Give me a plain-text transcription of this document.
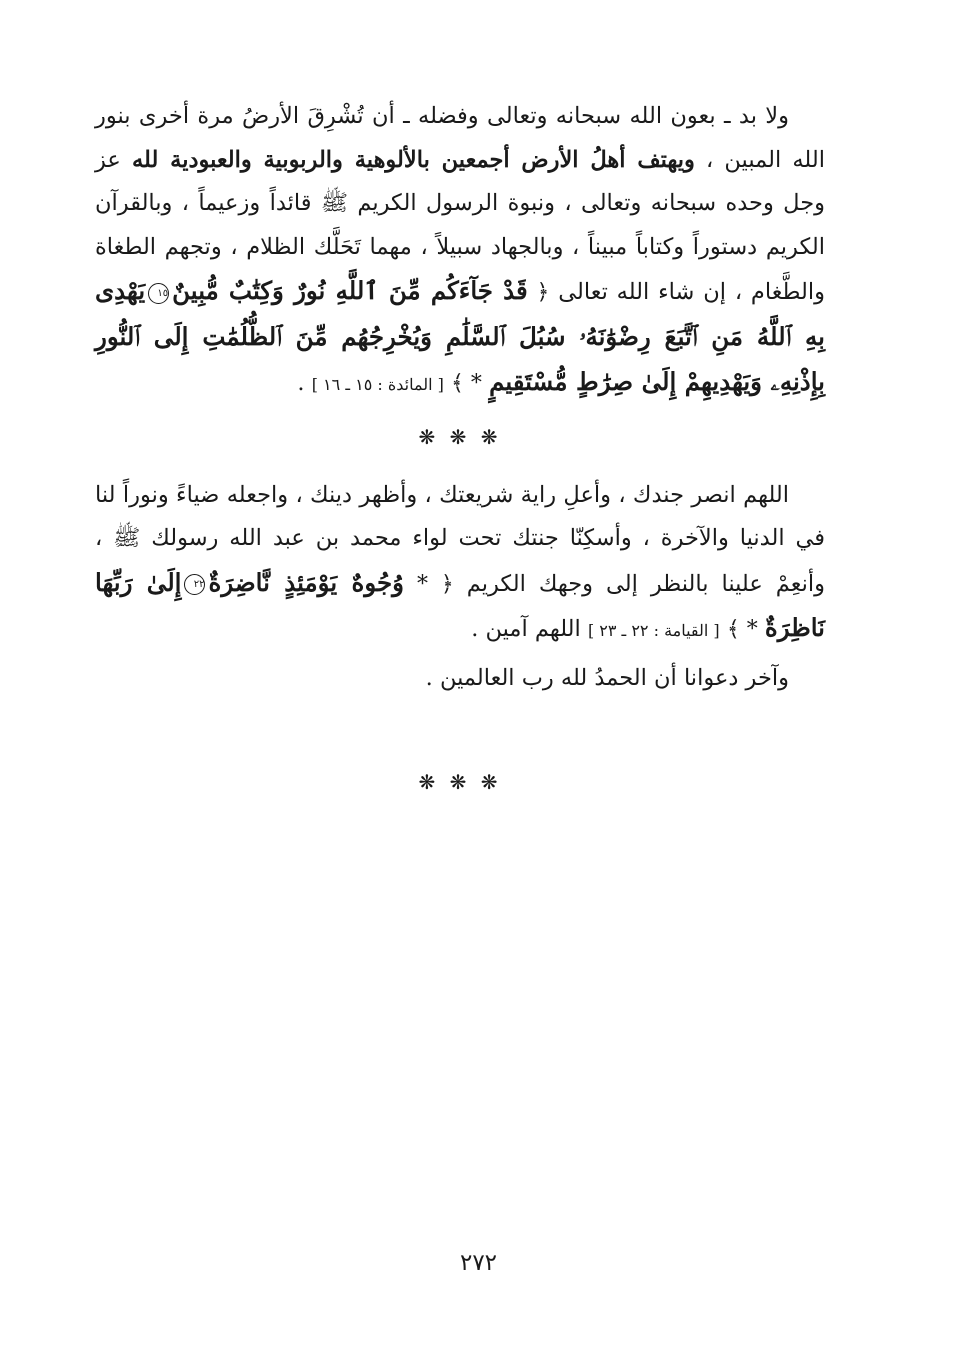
ولا بد ـ بعون الله سبحانه وتعالى وفضله ـ أن تُشْرِقَ الأرضُ مرة أخرى بنور الله المبين ، ويهتف أهلُ الأرض أجمعين بالألوهية والربوبية والعبودية لله عز وجل وحده سبحانه وتعالى ، ونبوة الرسول الكريم ﷺ قائداً وزعيماً ، وبالقرآن الكريم دستوراً وكتاباً مبيناً ، وبالجهاد سبيلاً ، مهما تَحَلَّك الظلام ، وتجهم الطغاة والطَّغام ، إن شاء الله تعالى ﴿ قَدْ جَآءَكُم مِّنَ ٱللَّهِ نُورٌ وَكِتَٰبٌ مُّبِينٌ١٥يَهْدِى بِهِ ٱللَّهُ مَنِ ٱتَّبَعَ رِضْوَٰنَهُۥ سُبُلَ ٱلسَّلَٰمِ وَيُخْرِجُهُم مِّنَ ٱلظُّلُمَٰتِ إِلَى ٱلنُّورِ بِإِذْنِهِۦ وَيَهْدِيهِمْ إِلَىٰ صِرَٰطٍ مُّسْتَقِيمٍ * ﴾ [ المائدة : ١٥ ـ ١٦ ] .

❋ ❋ ❋

اللهم انصر جندك ، وأعلِ راية شريعتك ، وأظهر دينك ، واجعله ضياءً ونوراً لنا في الدنيا والآخرة ، وأسكِنّا جنتك تحت لواء محمد بن عبد الله رسولك ﷺ ، وأنعِمْ علينا بالنظر إلى وجهك الكريم ﴿ * وُجُوهٌ يَوْمَئِذٍ نَّاضِرَةٌ٢٢إِلَىٰ رَبِّهَا نَاظِرَةٌ * ﴾ [ القيامة : ٢٢ ـ ٢٣ ] اللهم آمين .

وآخر دعوانا أن الحمدُ لله رب العالمين .

❋ ❋ ❋

٢٧٢
